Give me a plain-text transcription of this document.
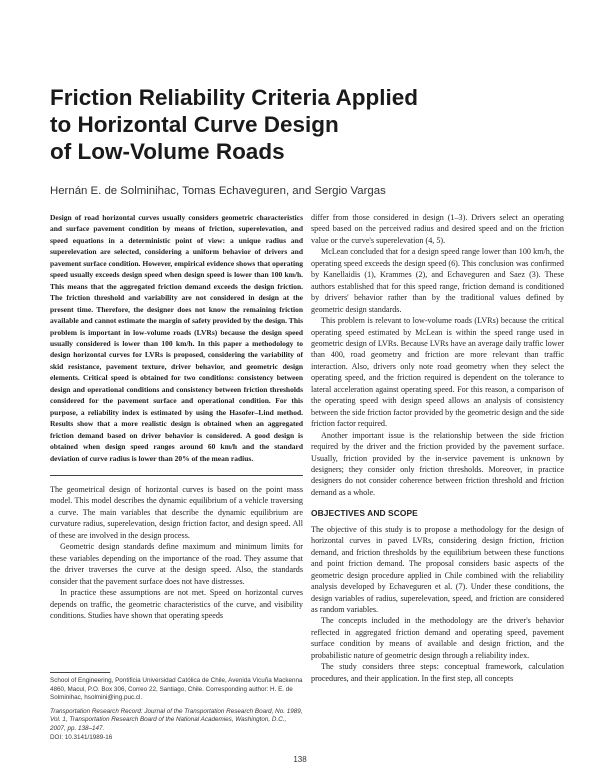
Friction Reliability Criteria Applied
to Horizontal Curve Design
of Low-Volume Roads
Hernán E. de Solminihac, Tomas Echaveguren, and Sergio Vargas

Design of road horizontal curves usually considers geometric characteristics and surface pavement condition by means of friction, superelevation, and speed equations in a deterministic point of view: a unique radius and superelevation are selected, considering a uniform behavior of drivers and pavement surface condition. However, empirical evidence shows that operating speed usually exceeds design speed when design speed is lower than 100 km/h. This means that the aggregated friction demand exceeds the design friction. The friction threshold and variability are not considered in design at the present time. Therefore, the designer does not know the remaining friction available and cannot estimate the margin of safety provided by the design. This problem is important in low-volume roads (LVRs) because the design speed usually considered is lower than 100 km/h. In this paper a methodology to design horizontal curves for LVRs is proposed, considering the variability of skid resistance, pavement texture, driver behavior, and geometric design elements. Critical speed is obtained for two conditions: consistency between design and operational conditions and consistency between friction thresholds considered for the pavement surface and operational condition. For this purpose, a reliability index is estimated by using the Hasofer–Lind method. Results show that a more realistic design is obtained when an aggregated friction demand based on driver behavior is considered. A good design is obtained when design speed ranges around 60 km/h and the standard deviation of curve radius is lower than 20% of the mean radius.

The geometrical design of horizontal curves is based on the point mass model. This model describes the dynamic equilibrium of a vehicle traversing a curve. The main variables that describe the dynamic equilibrium are curvature radius, superelevation, design friction factor, and design speed. All of these are involved in the design process.

Geometric design standards define maximum and minimum limits for these variables depending on the importance of the road. They assume that the driver traverses the curve at the design speed. Also, the standards consider that the pavement surface does not have distresses.

In practice these assumptions are not met. Speed on horizontal curves depends on traffic, the geometric characteristics of the curve, and visibility conditions. Studies have shown that operating speeds

School of Engineering, Pontificia Universidad Católica de Chile, Avenida Vicuña Mackenna 4860, Macul, P.O. Box 306, Correo 22, Santiago, Chile. Corresponding author: H. E. de Solminihac, hsolmini@ing.puc.cl.

Transportation Research Record: Journal of the Transportation Research Board, No. 1989, Vol. 1, Transportation Research Board of the National Academies, Washington, D.C., 2007, pp. 138–147.
DOI: 10.3141/1989-16

differ from those considered in design (1–3). Drivers select an operating speed based on the perceived radius and desired speed and on the friction value or the curve's superelevation (4, 5).

McLean concluded that for a design speed range lower than 100 km/h, the operating speed exceeds the design speed (6). This conclusion was confirmed by Kanellaidis (1), Krammes (2), and Echaveguren and Saez (3). These authors established that for this speed range, friction demand is conditioned by drivers' behavior rather than by the traditional values defined by geometric design standards.

This problem is relevant to low-volume roads (LVRs) because the critical operating speed estimated by McLean is within the speed range used in geometric design of LVRs. Because LVRs have an average daily traffic lower than 400, road geometry and friction are more relevant than traffic interaction. Also, drivers only note road geometry when they select the operating speed, and the friction required is dependent on the tolerance to lateral acceleration against operating speed. For this reason, a comparison of the operating speed with design speed allows an analysis of consistency between the side friction factor provided by the geometric design and the side friction factor required.

Another important issue is the relationship between the side friction required by the driver and the friction provided by the pavement surface. Usually, friction provided by the in-service pavement is unknown by designers; they consider only friction thresholds. Moreover, in practice designers do not consider coherence between friction threshold and friction demand as a whole.

OBJECTIVES AND SCOPE

The objective of this study is to propose a methodology for the design of horizontal curves in paved LVRs, considering design friction, friction demand, and friction thresholds by the equilibrium between these functions and point friction demand. The proposal considers basic aspects of the geometric design procedure applied in Chile combined with the reliability analysis developed by Echaveguren et al. (7). Under these conditions, the design variables of radius, superelevation, speed, and friction are considered as random variables.

The concepts included in the methodology are the driver's behavior reflected in aggregated friction demand and operating speed, pavement surface condition by means of available and design friction, and the probabilistic nature of geometric design through a reliability index.

The study considers three steps: conceptual framework, calculation procedures, and their application. In the first step, all concepts

138
